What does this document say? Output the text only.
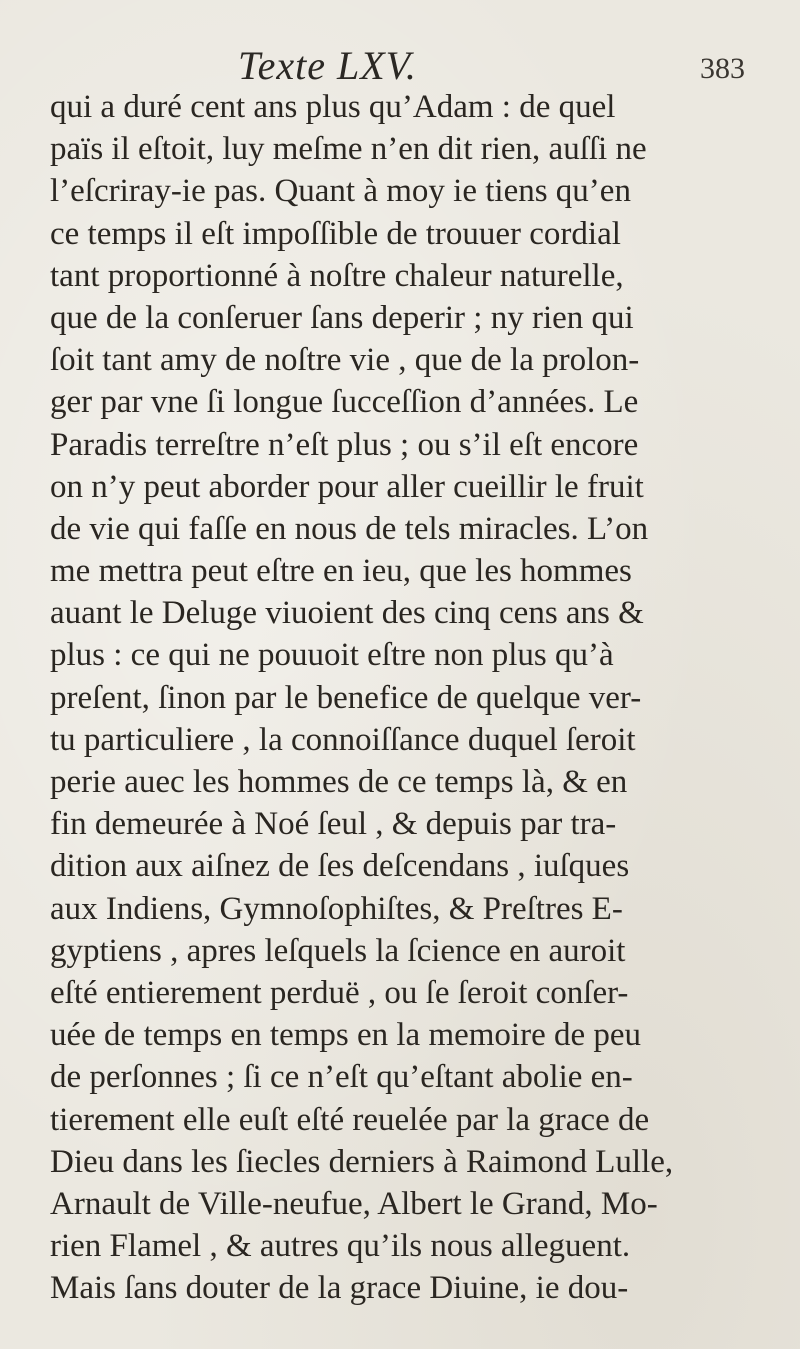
Texte LXV.	383
qui a duré cent ans plus qu’Adam : de quel
païs il eſtoit, luy meſme n’en dit rien, auſſi ne
l’eſcriray-ie pas. Quant à moy ie tiens qu’en
ce temps il eſt impoſſible de trouuer cordial
tant proportionné à noſtre chaleur naturelle,
que de la conſeruer ſans deperir ; ny rien qui
ſoit tant amy de noſtre vie , que de la prolon-
ger par vne ſi longue ſucceſſion d’années. Le
Paradis terreſtre n’eſt plus ; ou s’il eſt encore
on n’y peut aborder pour aller cueillir le fruit
de vie qui faſſe en nous de tels miracles. L’on
me mettra peut eſtre en ieu, que les hommes
auant le Deluge viuoient des cinq cens ans &
plus : ce qui ne pouuoit eſtre non plus qu’à
preſent, ſinon par le benefice de quelque ver-
tu particuliere , la connoiſſance duquel ſeroit
perie auec les hommes de ce temps là, & en
fin demeurée à Noé ſeul , & depuis par tra-
dition aux aiſnez de ſes deſcendans , iuſques
aux Indiens, Gymnoſophiſtes, & Preſtres E-
gyptiens , apres leſquels la ſcience en auroit
eſté entierement perduë , ou ſe ſeroit conſer-
uée de temps en temps en la memoire de peu
de perſonnes ; ſi ce n’eſt qu’eſtant abolie en-
tierement elle euſt eſté reuelée par la grace de
Dieu dans les ſiecles derniers à Raimond Lulle,
Arnault de Ville-neufue, Albert le Grand, Mo-
rien Flamel , & autres qu’ils nous alleguent.
Mais ſans douter de la grace Diuine, ie dou-
